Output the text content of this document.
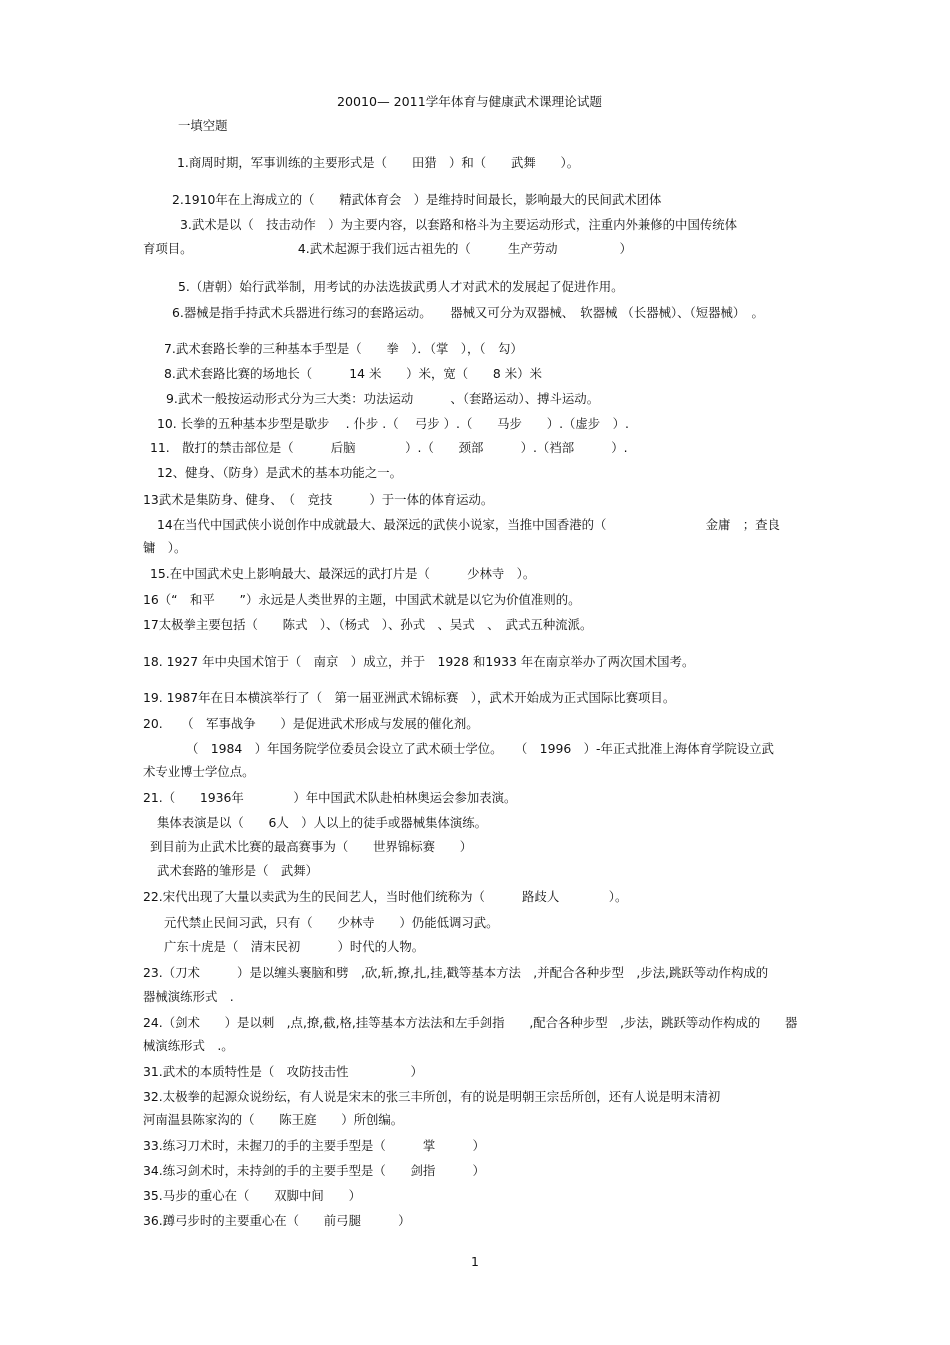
20010— 2011学年体育与健康武术课理论试题
一填空题
1.商周时期，军事训练的主要形式是（　　田猎　）和（　　武舞　　）。
2.1910年在上海成立的（　　精武体育会　）是维持时间最长，影响最大的民间武术团体
3.武术是以（　技击动作　）为主要内容，以套路和格斗为主要运动形式，注重内外兼修的中国传统体
育项目。　　　　　　　　　4.武术起源于我们远古祖先的（　　　生产劳动　　　　　）
5.（唐朝）始行武举制，用考试的办法选拔武勇人才对武术的发展起了促进作用。
6.器械是指手持武术兵器进行练习的套路运动。　　器械又可分为双器械、　软器械 （长器械）、（短器械）　。
7.武术套路长拳的三种基本手型是（　　拳　）．（掌　），（　勾）
8.武术套路比赛的场地长（　　　14 米　　）米，宽（　　8 米）米
9.武术一般按运动形式分为三大类：功法运动　　　、（套路运动）、搏斗运动。
10. 长拳的五种基本步型是歇步　 . 仆步 .（　 弓步 ）.（　　马步　　）.（虚步　）.
11.　散打的禁击部位是（　　　后脑　　　　）.（　　颈部　　　）.（裆部　　　）.
12、健身、（防身）是武术的基本功能之一。
13武术是集防身、健身、　（　竞技　　　）于一体的体育运动。
14在当代中国武侠小说创作中成就最大、最深远的武侠小说家，当推中国香港的（　　　　　　　　金庸　；查良
镛　）。
15.在中国武术史上影响最大、最深远的武打片是（　　　少林寺　）。
16（“　和平　　”）永远是人类世界的主题，中国武术就是以它为价值准则的。
17太极拳主要包括（　　陈式　）、（杨式　）、孙式　、吴式　、　武式五种流派。
18. 1927 年中央国术馆于（　南京　）成立，并于　1928 和1933 年在南京举办了两次国术国考。
19. 1987年在日本横滨举行了（　第一届亚洲武术锦标赛　），武术开始成为正式国际比赛项目。
20.　　（　军事战争　　）是促进武术形成与发展的催化剂。
（　1984　）年国务院学位委员会设立了武术硕士学位。　　（　1996　）-年正式批准上海体育学院设立武
术专业博士学位点。
21.（　　1936年　　　　）年中国武术队赴柏林奥运会参加表演。
集体表演是以（　　6人　）人以上的徒手或器械集体演练。
到目前为止武术比赛的最高赛事为（　　世界锦标赛　　）
武术套路的雏形是（　武舞）
22.宋代出现了大量以卖武为生的民间艺人，当时他们统称为（　　　路歧人　　　　）。
元代禁止民间习武，只有（　　少林寺　　）仍能低调习武。
广东十虎是（　清末民初　　　）时代的人物。
23.（刀术　　　）是以缠头裹脑和劈　,砍,斩,撩,扎,挂,戳等基本方法　,并配合各种步型　,步法,跳跃等动作构成的
器械演练形式　.
24.（剑术　　）是以刺　,点,撩,截,格,挂等基本方法法和左手剑指　　,配合各种步型　,步法，跳跃等动作构成的　　器
械演练形式　.。
31.武术的本质特性是（　攻防技击性　　　　　）
32.太极拳的起源众说纷纭，有人说是宋末的张三丰所创，有的说是明朝王宗岳所创，还有人说是明末清初
河南温县陈家沟的（　　陈王庭　　）所创编。
33.练习刀术时，未握刀的手的主要手型是（　　　掌　　　）
34.练习剑术时，未持剑的手的主要手型是（　　剑指　　　）
35.马步的重心在（　　双脚中间　　）
36.蹲弓步时的主要重心在（　　前弓腿　　　）
1
